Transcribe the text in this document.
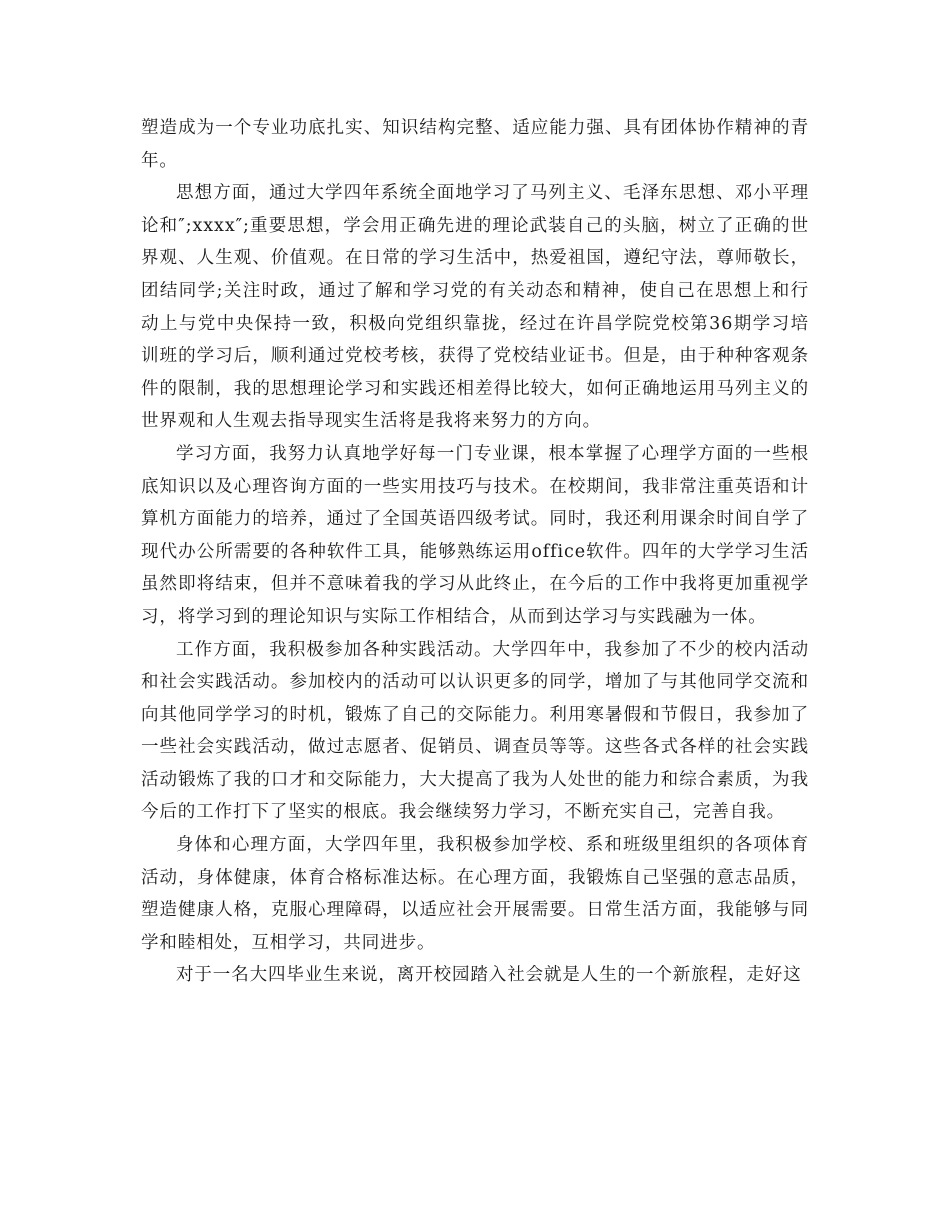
塑造成为一个专业功底扎实、知识结构完整、适应能力强、具有团体协作精神的青年。

思想方面，通过大学四年系统全面地学习了马列主义、毛泽东思想、邓小平理论和″;xxxx″;重要思想，学会用正确先进的理论武装自己的头脑，树立了正确的世界观、人生观、价值观。在日常的学习生活中，热爱祖国，遵纪守法，尊师敬长，团结同学;关注时政，通过了解和学习党的有关动态和精神，使自己在思想上和行动上与党中央保持一致，积极向党组织靠拢，经过在许昌学院党校第36期学习培训班的学习后，顺利通过党校考核，获得了党校结业证书。但是，由于种种客观条件的限制，我的思想理论学习和实践还相差得比较大，如何正确地运用马列主义的世界观和人生观去指导现实生活将是我将来努力的方向。

学习方面，我努力认真地学好每一门专业课，根本掌握了心理学方面的一些根底知识以及心理咨询方面的一些实用技巧与技术。在校期间，我非常注重英语和计算机方面能力的培养，通过了全国英语四级考试。同时，我还利用课余时间自学了现代办公所需要的各种软件工具，能够熟练运用office软件。四年的大学学习生活虽然即将结束，但并不意味着我的学习从此终止，在今后的工作中我将更加重视学习，将学习到的理论知识与实际工作相结合，从而到达学习与实践融为一体。

工作方面，我积极参加各种实践活动。大学四年中，我参加了不少的校内活动和社会实践活动。参加校内的活动可以认识更多的同学，增加了与其他同学交流和向其他同学学习的时机，锻炼了自己的交际能力。利用寒暑假和节假日，我参加了一些社会实践活动，做过志愿者、促销员、调查员等等。这些各式各样的社会实践活动锻炼了我的口才和交际能力，大大提高了我为人处世的能力和综合素质，为我今后的工作打下了坚实的根底。我会继续努力学习，不断充实自己，完善自我。

身体和心理方面，大学四年里，我积极参加学校、系和班级里组织的各项体育活动，身体健康，体育合格标准达标。在心理方面，我锻炼自己坚强的意志品质，塑造健康人格，克服心理障碍，以适应社会开展需要。日常生活方面，我能够与同学和睦相处，互相学习，共同进步。

对于一名大四毕业生来说，离开校园踏入社会就是人生的一个新旅程，走好这
